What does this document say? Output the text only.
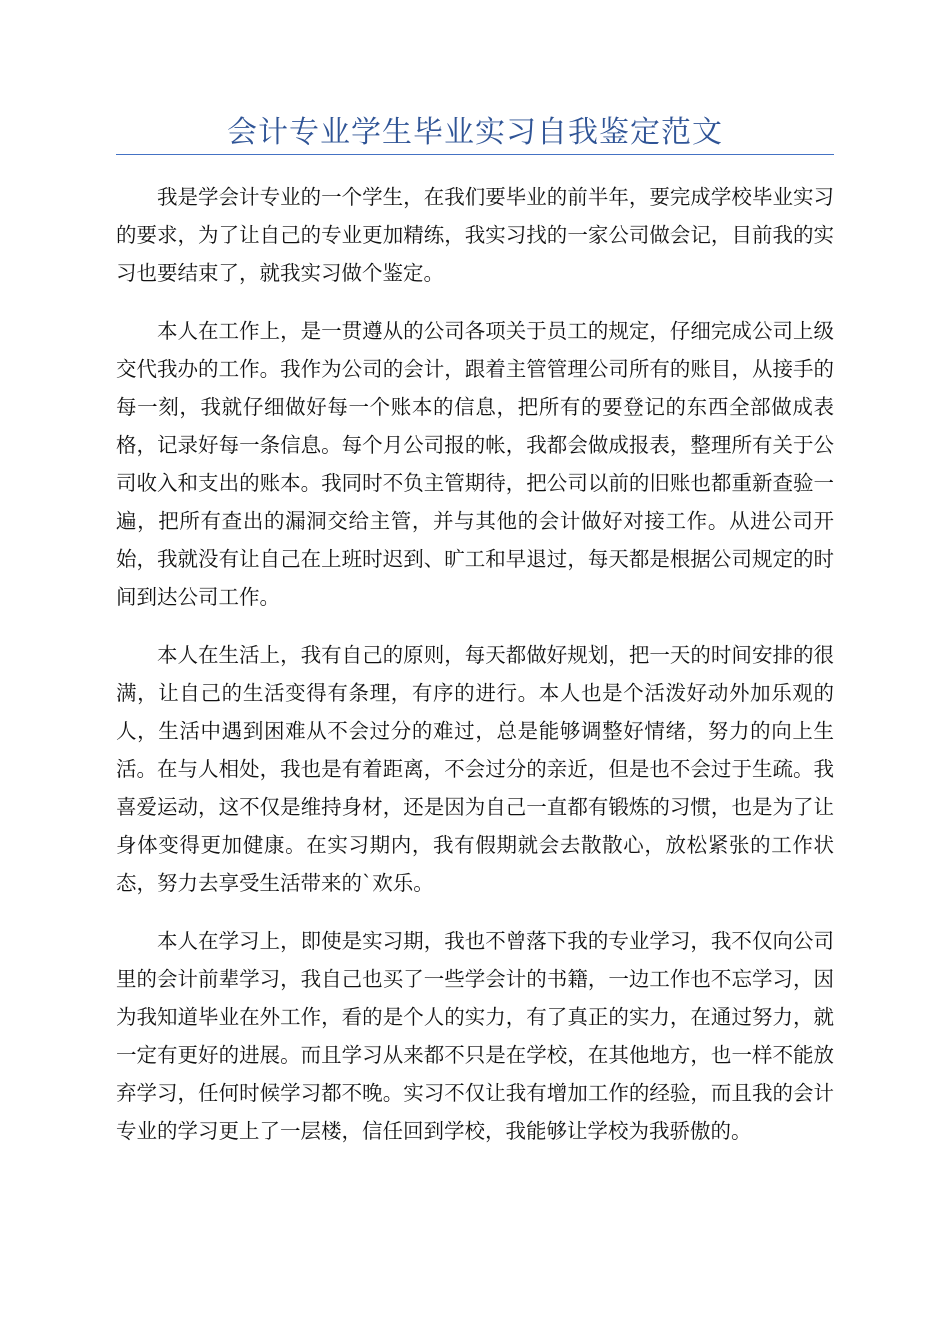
会计专业学生毕业实习自我鉴定范文

我是学会计专业的一个学生，在我们要毕业的前半年，要完成学校毕业实习的要求，为了让自己的专业更加精练，我实习找的一家公司做会记，目前我的实习也要结束了，就我实习做个鉴定。

本人在工作上，是一贯遵从的公司各项关于员工的规定，仔细完成公司上级交代我办的工作。我作为公司的会计，跟着主管管理公司所有的账目，从接手的每一刻，我就仔细做好每一个账本的信息，把所有的要登记的东西全部做成表格，记录好每一条信息。每个月公司报的帐，我都会做成报表，整理所有关于公司收入和支出的账本。我同时不负主管期待，把公司以前的旧账也都重新查验一遍，把所有查出的漏洞交给主管，并与其他的会计做好对接工作。从进公司开始，我就没有让自己在上班时迟到、旷工和早退过，每天都是根据公司规定的时间到达公司工作。

本人在生活上，我有自己的原则，每天都做好规划，把一天的时间安排的很满，让自己的生活变得有条理，有序的进行。本人也是个活泼好动外加乐观的人，生活中遇到困难从不会过分的难过，总是能够调整好情绪，努力的向上生活。在与人相处，我也是有着距离，不会过分的亲近，但是也不会过于生疏。我喜爱运动，这不仅是维持身材，还是因为自己一直都有锻炼的习惯，也是为了让身体变得更加健康。在实习期内，我有假期就会去散散心，放松紧张的工作状态，努力去享受生活带来的`欢乐。

本人在学习上，即使是实习期，我也不曾落下我的专业学习，我不仅向公司里的会计前辈学习，我自己也买了一些学会计的书籍，一边工作也不忘学习，因为我知道毕业在外工作，看的是个人的实力，有了真正的实力，在通过努力，就一定有更好的进展。而且学习从来都不只是在学校，在其他地方，也一样不能放弃学习，任何时候学习都不晚。实习不仅让我有增加工作的经验，而且我的会计专业的学习更上了一层楼，信任回到学校，我能够让学校为我骄傲的。
